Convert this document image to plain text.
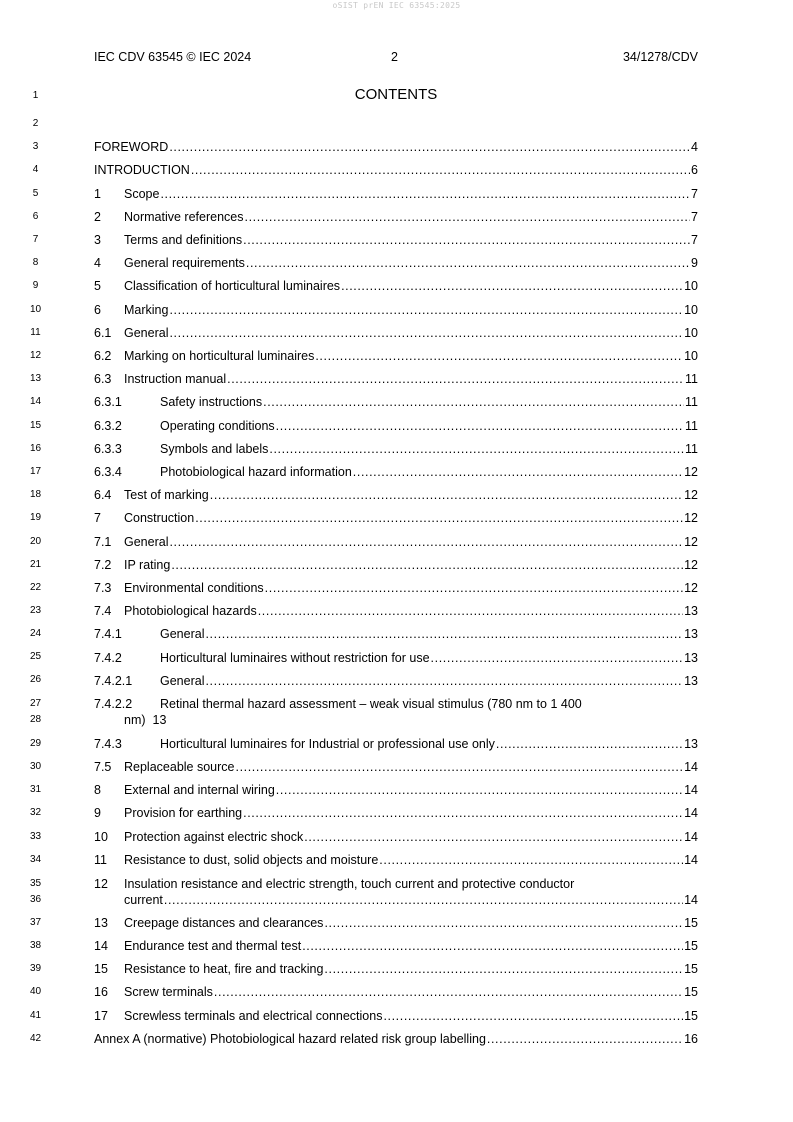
oSIST prEN IEC 63545:2025
IEC CDV 63545 © IEC 2024	2	34/1278/CDV
1
2
3
4
5
6
7
8
9
10
11
12
13
14
15
16
17
18
19
20
21
22
23
24
25
26
27
28
29
30
31
32
33
34
35
36
37
38
39
40
41
42
CONTENTS
FOREWORD .....	4
INTRODUCTION .....	6
1	Scope .....	7
2	Normative references .....	7
3	Terms and definitions .....	7
4	General requirements .....	9
5	Classification of horticultural luminaires .....	10
6	Marking .....	10
6.1	General .....	10
6.2	Marking on horticultural luminaires .....	10
6.3	Instruction manual .....	11
6.3.1	Safety instructions .....	11
6.3.2	Operating conditions .....	11
6.3.3	Symbols and labels .....	11
6.3.4	Photobiological hazard information .....	12
6.4	Test of marking .....	12
7	Construction .....	12
7.1	General .....	12
7.2	IP rating .....	12
7.3	Environmental conditions .....	12
7.4	Photobiological hazards .....	13
7.4.1	General .....	13
7.4.2	Horticultural luminaires without restriction for use .....	13
7.4.2.1	General .....	13
7.4.2.2	Retinal thermal hazard assessment – weak visual stimulus (780 nm to 1 400
nm) 13
7.4.3	Horticultural luminaires for Industrial or professional use only .....	13
7.5	Replaceable source .....	14
8	External and internal wiring .....	14
9	Provision for earthing .....	14
10	Protection against electric shock .....	14
11	Resistance to dust, solid objects and moisture .....	14
12	Insulation resistance and electric strength, touch current and protective conductor
current .....	14
13	Creepage distances and clearances .....	15
14	Endurance test and thermal test .....	15
15	Resistance to heat, fire and tracking .....	15
16	Screw terminals .....	15
17	Screwless terminals and electrical connections .....	15
Annex A (normative) Photobiological hazard related risk group labelling .....	16
